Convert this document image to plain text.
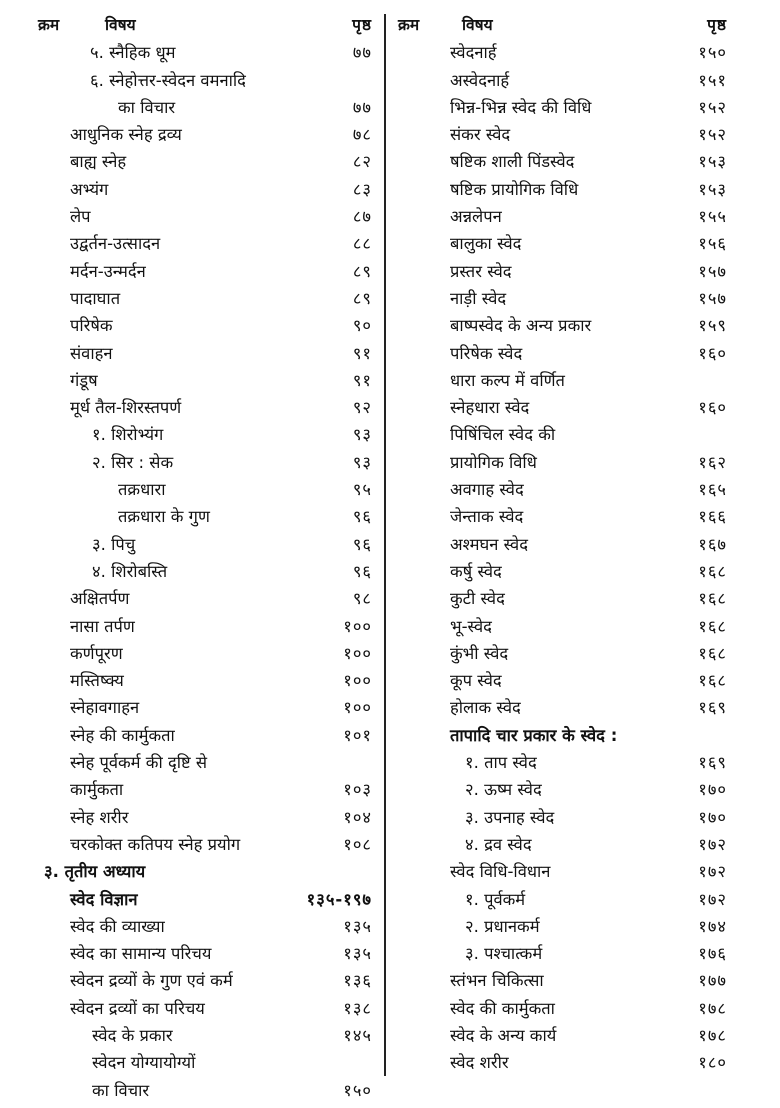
क्रम	विषय	पृष्ठ
५. स्नैहिक धूम	७७
६. स्नेहोत्तर-स्वेदन वमनादि
का विचार	७७
आधुनिक स्नेह द्रव्य	७८
बाह्य स्नेह	८२
अभ्यंग	८३
लेप	८७
उद्वर्तन-उत्सादन	८८
मर्दन-उन्मर्दन	८९
पादाघात	८९
परिषेक	९०
संवाहन	९१
गंडूष	९१
मूर्ध तैल-शिरस्तपर्ण	९२
१. शिरोभ्यंग	९३
२. सिर : सेक	९३
तक्रधारा	९५
तक्रधारा के गुण	९६
३. पिचु	९६
४. शिरोबस्ति	९६
अक्षितर्पण	९८
नासा तर्पण	१००
कर्णपूरण	१००
मस्तिष्क्य	१००
स्नेहावगाहन	१००
स्नेह की कार्मुकता	१०१
स्नेह पूर्वकर्म की दृष्टि से
कार्मुकता	१०३
स्नेह शरीर	१०४
चरकोक्त कतिपय स्नेह प्रयोग	१०८
३. तृतीय अध्याय
स्वेद विज्ञान	१३५-१९७
स्वेद की व्याख्या	१३५
स्वेद का सामान्य परिचय	१३५
स्वेदन द्रव्यों के गुण एवं कर्म	१३६
स्वेदन द्रव्यों का परिचय	१३८
स्वेद के प्रकार	१४५
स्वेदन योग्यायोग्यों
का विचार	१५०
क्रम	विषय	पृष्ठ
स्वेदनार्ह	१५०
अस्वेदनार्ह	१५१
भिन्न-भिन्न स्वेद की विधि	१५२
संकर स्वेद	१५२
षष्टिक शाली पिंडस्वेद	१५३
षष्टिक प्रायोगिक विधि	१५३
अन्नलेपन	१५५
बालुका स्वेद	१५६
प्रस्तर स्वेद	१५७
नाड़ी स्वेद	१५७
बाष्पस्वेद के अन्य प्रकार	१५९
परिषेक स्वेद	१६०
धारा कल्प में वर्णित
स्नेहधारा स्वेद	१६०
पिषिंचिल स्वेद की
प्रायोगिक विधि	१६२
अवगाह स्वेद	१६५
जेन्ताक स्वेद	१६६
अश्मघन स्वेद	१६७
कर्षु स्वेद	१६८
कुटी स्वेद	१६८
भू-स्वेद	१६८
कुंभी स्वेद	१६८
कूप स्वेद	१६८
होलाक स्वेद	१६९
तापादि चार प्रकार के स्वेद :
१. ताप स्वेद	१६९
२. ऊष्म स्वेद	१७०
३. उपनाह स्वेद	१७०
४. द्रव स्वेद	१७२
स्वेद विधि-विधान	१७२
१. पूर्वकर्म	१७२
२. प्रधानकर्म	१७४
३. पश्चात्कर्म	१७६
स्तंभन चिकित्सा	१७७
स्वेद की कार्मुकता	१७८
स्वेद के अन्य कार्य	१७८
स्वेद शरीर	१८०
